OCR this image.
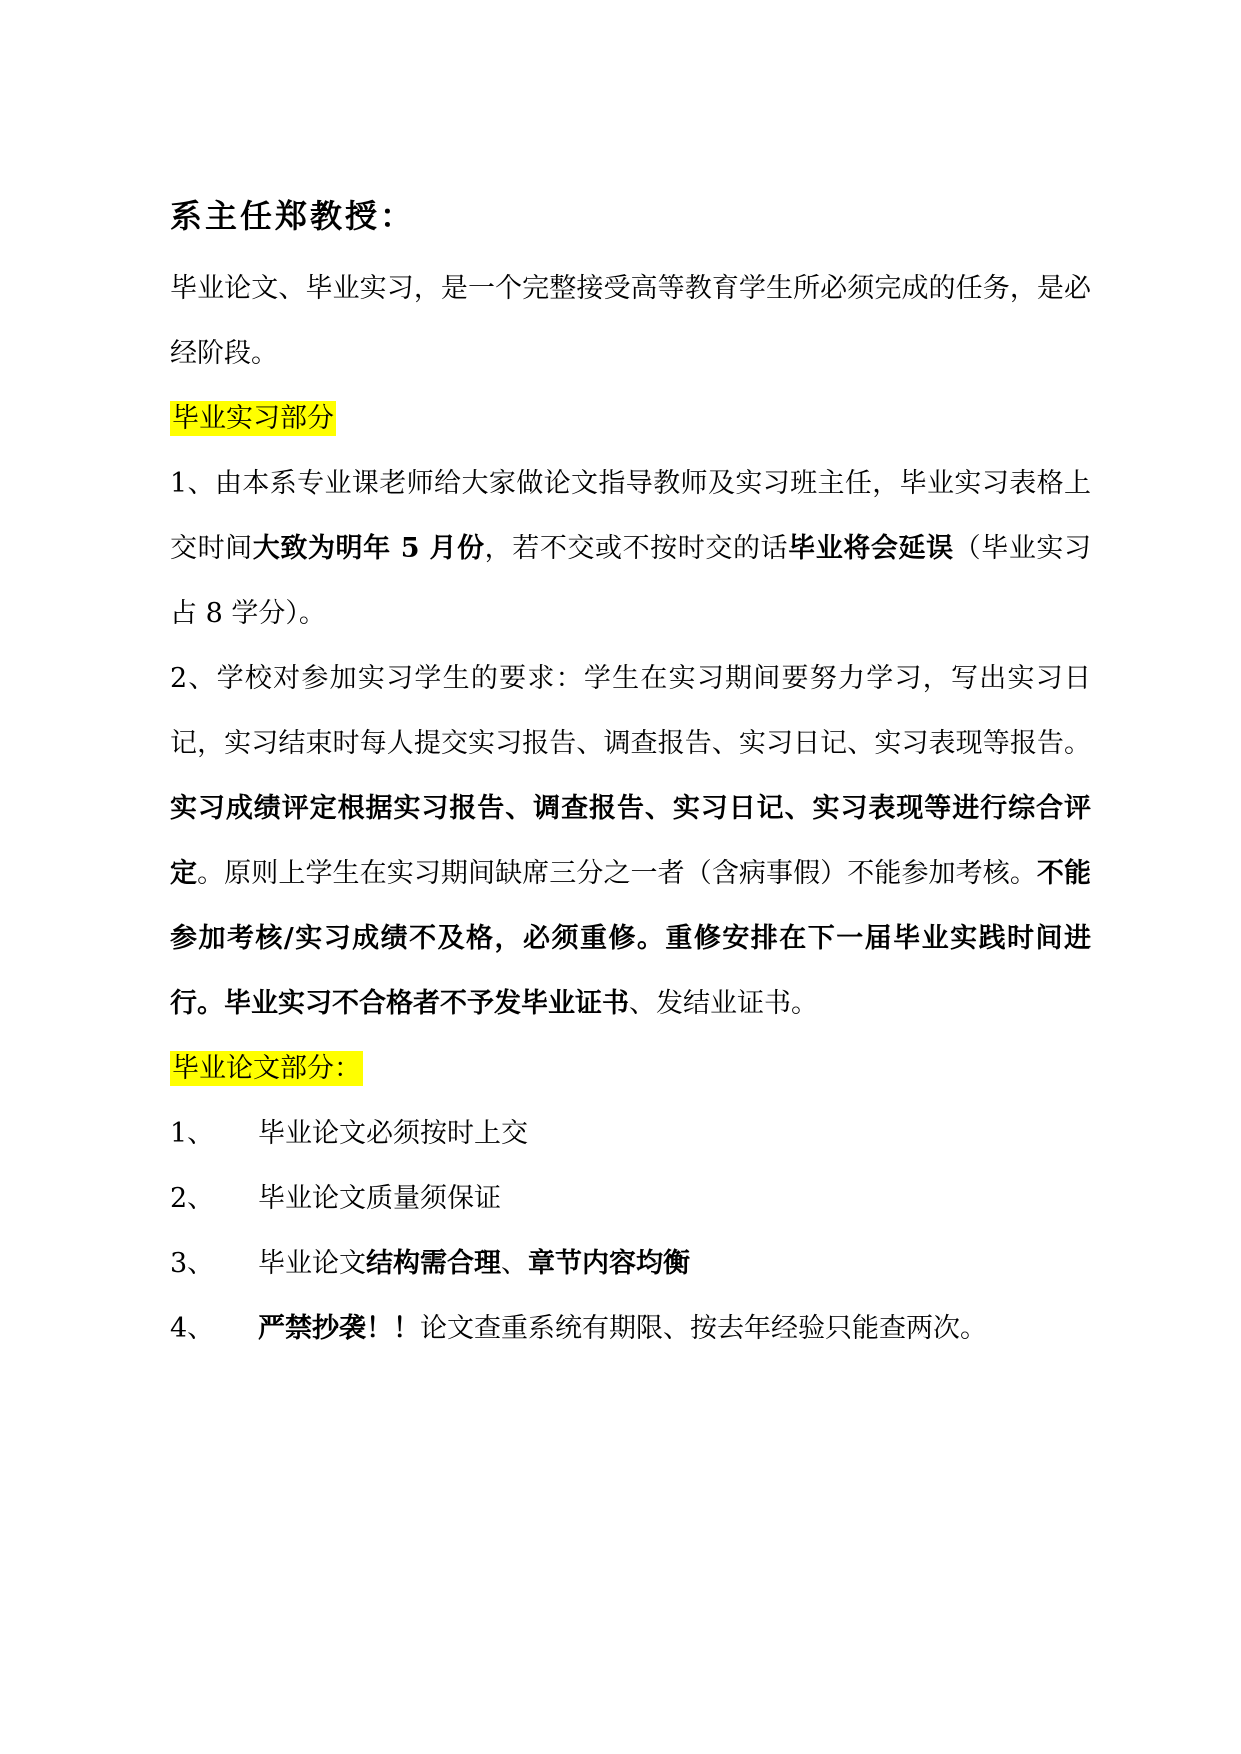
系主任郑教授：

毕业论文、毕业实习，是一个完整接受高等教育学生所必须完成的任务，是必经阶段。

毕业实习部分

1、由本系专业课老师给大家做论文指导教师及实习班主任，毕业实习表格上交时间大致为明年 5 月份，若不交或不按时交的话毕业将会延误（毕业实习占 8 学分）。

2、学校对参加实习学生的要求：学生在实习期间要努力学习，写出实习日记，实习结束时每人提交实习报告、调查报告、实习日记、实习表现等报告。实习成绩评定根据实习报告、调查报告、实习日记、实习表现等进行综合评定。原则上学生在实习期间缺席三分之一者（含病事假）不能参加考核。不能参加考核/实习成绩不及格，必须重修。重修安排在下一届毕业实践时间进行。毕业实习不合格者不予发毕业证书、发结业证书。

毕业论文部分：

1、	毕业论文必须按时上交
2、	毕业论文质量须保证
3、	毕业论文结构需合理、章节内容均衡
4、	严禁抄袭！！论文查重系统有期限、按去年经验只能查两次。
